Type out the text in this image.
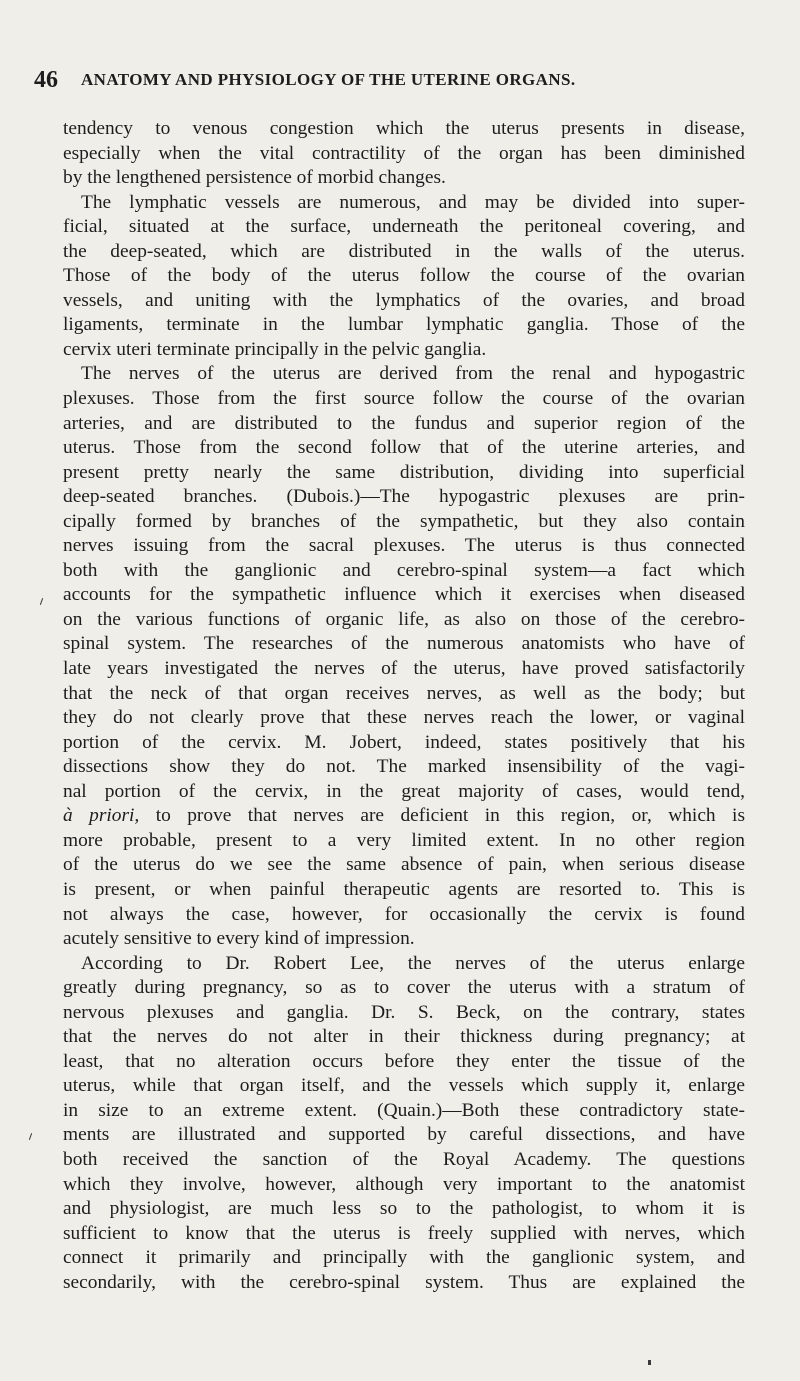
46 ANATOMY AND PHYSIOLOGY OF THE UTERINE ORGANS.
tendency to venous congestion which the uterus presents in disease,
especially when the vital contractility of the organ has been diminished
by the lengthened persistence of morbid changes.
The lymphatic vessels are numerous, and may be divided into super-
ficial, situated at the surface, underneath the peritoneal covering, and
the deep-seated, which are distributed in the walls of the uterus.
Those of the body of the uterus follow the course of the ovarian
vessels, and uniting with the lymphatics of the ovaries, and broad
ligaments, terminate in the lumbar lymphatic ganglia. Those of the
cervix uteri terminate principally in the pelvic ganglia.
The nerves of the uterus are derived from the renal and hypogastric
plexuses. Those from the first source follow the course of the ovarian
arteries, and are distributed to the fundus and superior region of the
uterus. Those from the second follow that of the uterine arteries, and
present pretty nearly the same distribution, dividing into superficial
deep-seated branches. (Dubois.)—The hypogastric plexuses are prin-
cipally formed by branches of the sympathetic, but they also contain
nerves issuing from the sacral plexuses. The uterus is thus connected
both with the ganglionic and cerebro-spinal system—a fact which
accounts for the sympathetic influence which it exercises when diseased
on the various functions of organic life, as also on those of the cerebro-
spinal system. The researches of the numerous anatomists who have of
late years investigated the nerves of the uterus, have proved satisfactorily
that the neck of that organ receives nerves, as well as the body; but
they do not clearly prove that these nerves reach the lower, or vaginal
portion of the cervix. M. Jobert, indeed, states positively that his
dissections show they do not. The marked insensibility of the vagi-
nal portion of the cervix, in the great majority of cases, would tend,
à priori, to prove that nerves are deficient in this region, or, which is
more probable, present to a very limited extent. In no other region
of the uterus do we see the same absence of pain, when serious disease
is present, or when painful therapeutic agents are resorted to. This is
not always the case, however, for occasionally the cervix is found
acutely sensitive to every kind of impression.
According to Dr. Robert Lee, the nerves of the uterus enlarge
greatly during pregnancy, so as to cover the uterus with a stratum of
nervous plexuses and ganglia. Dr. S. Beck, on the contrary, states
that the nerves do not alter in their thickness during pregnancy; at
least, that no alteration occurs before they enter the tissue of the
uterus, while that organ itself, and the vessels which supply it, enlarge
in size to an extreme extent. (Quain.)—Both these contradictory state-
ments are illustrated and supported by careful dissections, and have
both received the sanction of the Royal Academy. The questions
which they involve, however, although very important to the anatomist
and physiologist, are much less so to the pathologist, to whom it is
sufficient to know that the uterus is freely supplied with nerves, which
connect it primarily and principally with the ganglionic system, and
secondarily, with the cerebro-spinal system. Thus are explained the
